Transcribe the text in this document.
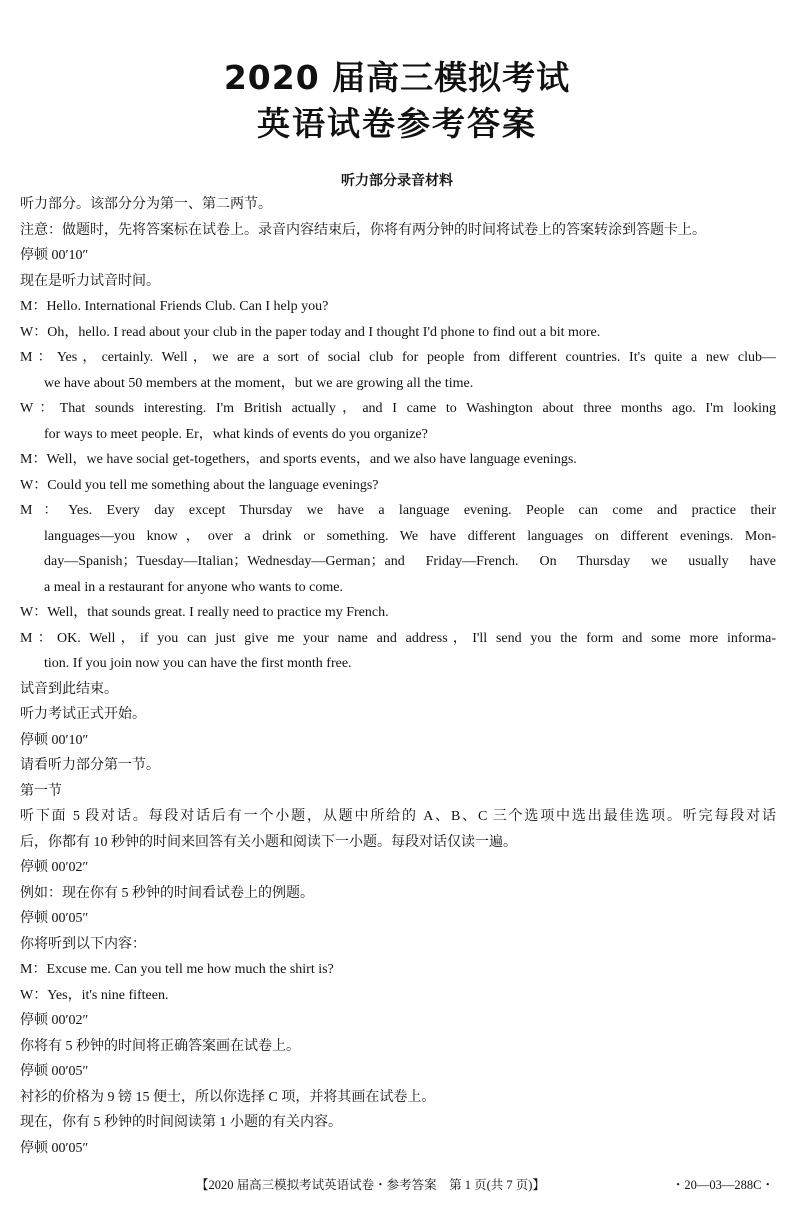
2020 届高三模拟考试
英语试卷参考答案
听力部分录音材料
听力部分。该部分分为第一、第二两节。
注意：做题时，先将答案标在试卷上。录音内容结束后，你将有两分钟的时间将试卷上的答案转涂到答题卡上。
停顿 00′10″
现在是听力试音时间。
M：Hello. International Friends Club. Can I help you?
W：Oh，hello. I read about your club in the paper today and I thought I'd phone to find out a bit more.
M：Yes，certainly. Well，we are a sort of social club for people from different countries. It's quite a new club—
we have about 50 members at the moment，but we are growing all the time.
W：That sounds interesting. I'm British actually，and I came to Washington about three months ago. I'm looking
for ways to meet people. Er，what kinds of events do you organize?
M：Well，we have social get-togethers，and sports events，and we also have language evenings.
W：Could you tell me something about the language evenings?
M：Yes. Every day except Thursday we have a language evening. People can come and practice their
languages—you know，over a drink or something. We have different languages on different evenings. Mon-
day—Spanish；Tuesday—Italian；Wednesday—German；and Friday—French. On Thursday we usually have
a meal in a restaurant for anyone who wants to come.
W：Well，that sounds great. I really need to practice my French.
M：OK. Well，if you can just give me your name and address，I'll send you the form and some more informa-
tion. If you join now you can have the first month free.
试音到此结束。
听力考试正式开始。
停顿 00′10″
请看听力部分第一节。
第一节
听下面 5 段对话。每段对话后有一个小题，从题中所给的 A、B、C 三个选项中选出最佳选项。听完每段对话
后，你都有 10 秒钟的时间来回答有关小题和阅读下一小题。每段对话仅读一遍。
停顿 00′02″
例如：现在你有 5 秒钟的时间看试卷上的例题。
停顿 00′05″
你将听到以下内容：
M：Excuse me. Can you tell me how much the shirt is?
W：Yes，it's nine fifteen.
停顿 00′02″
你将有 5 秒钟的时间将正确答案画在试卷上。
停顿 00′05″
衬衫的价格为 9 镑 15 便士，所以你选择 C 项，并将其画在试卷上。
现在，你有 5 秒钟的时间阅读第 1 小题的有关内容。
停顿 00′05″
【2020 届高三模拟考试英语试卷・参考答案　第 1 页(共 7 页)】	・20—03—288C・
